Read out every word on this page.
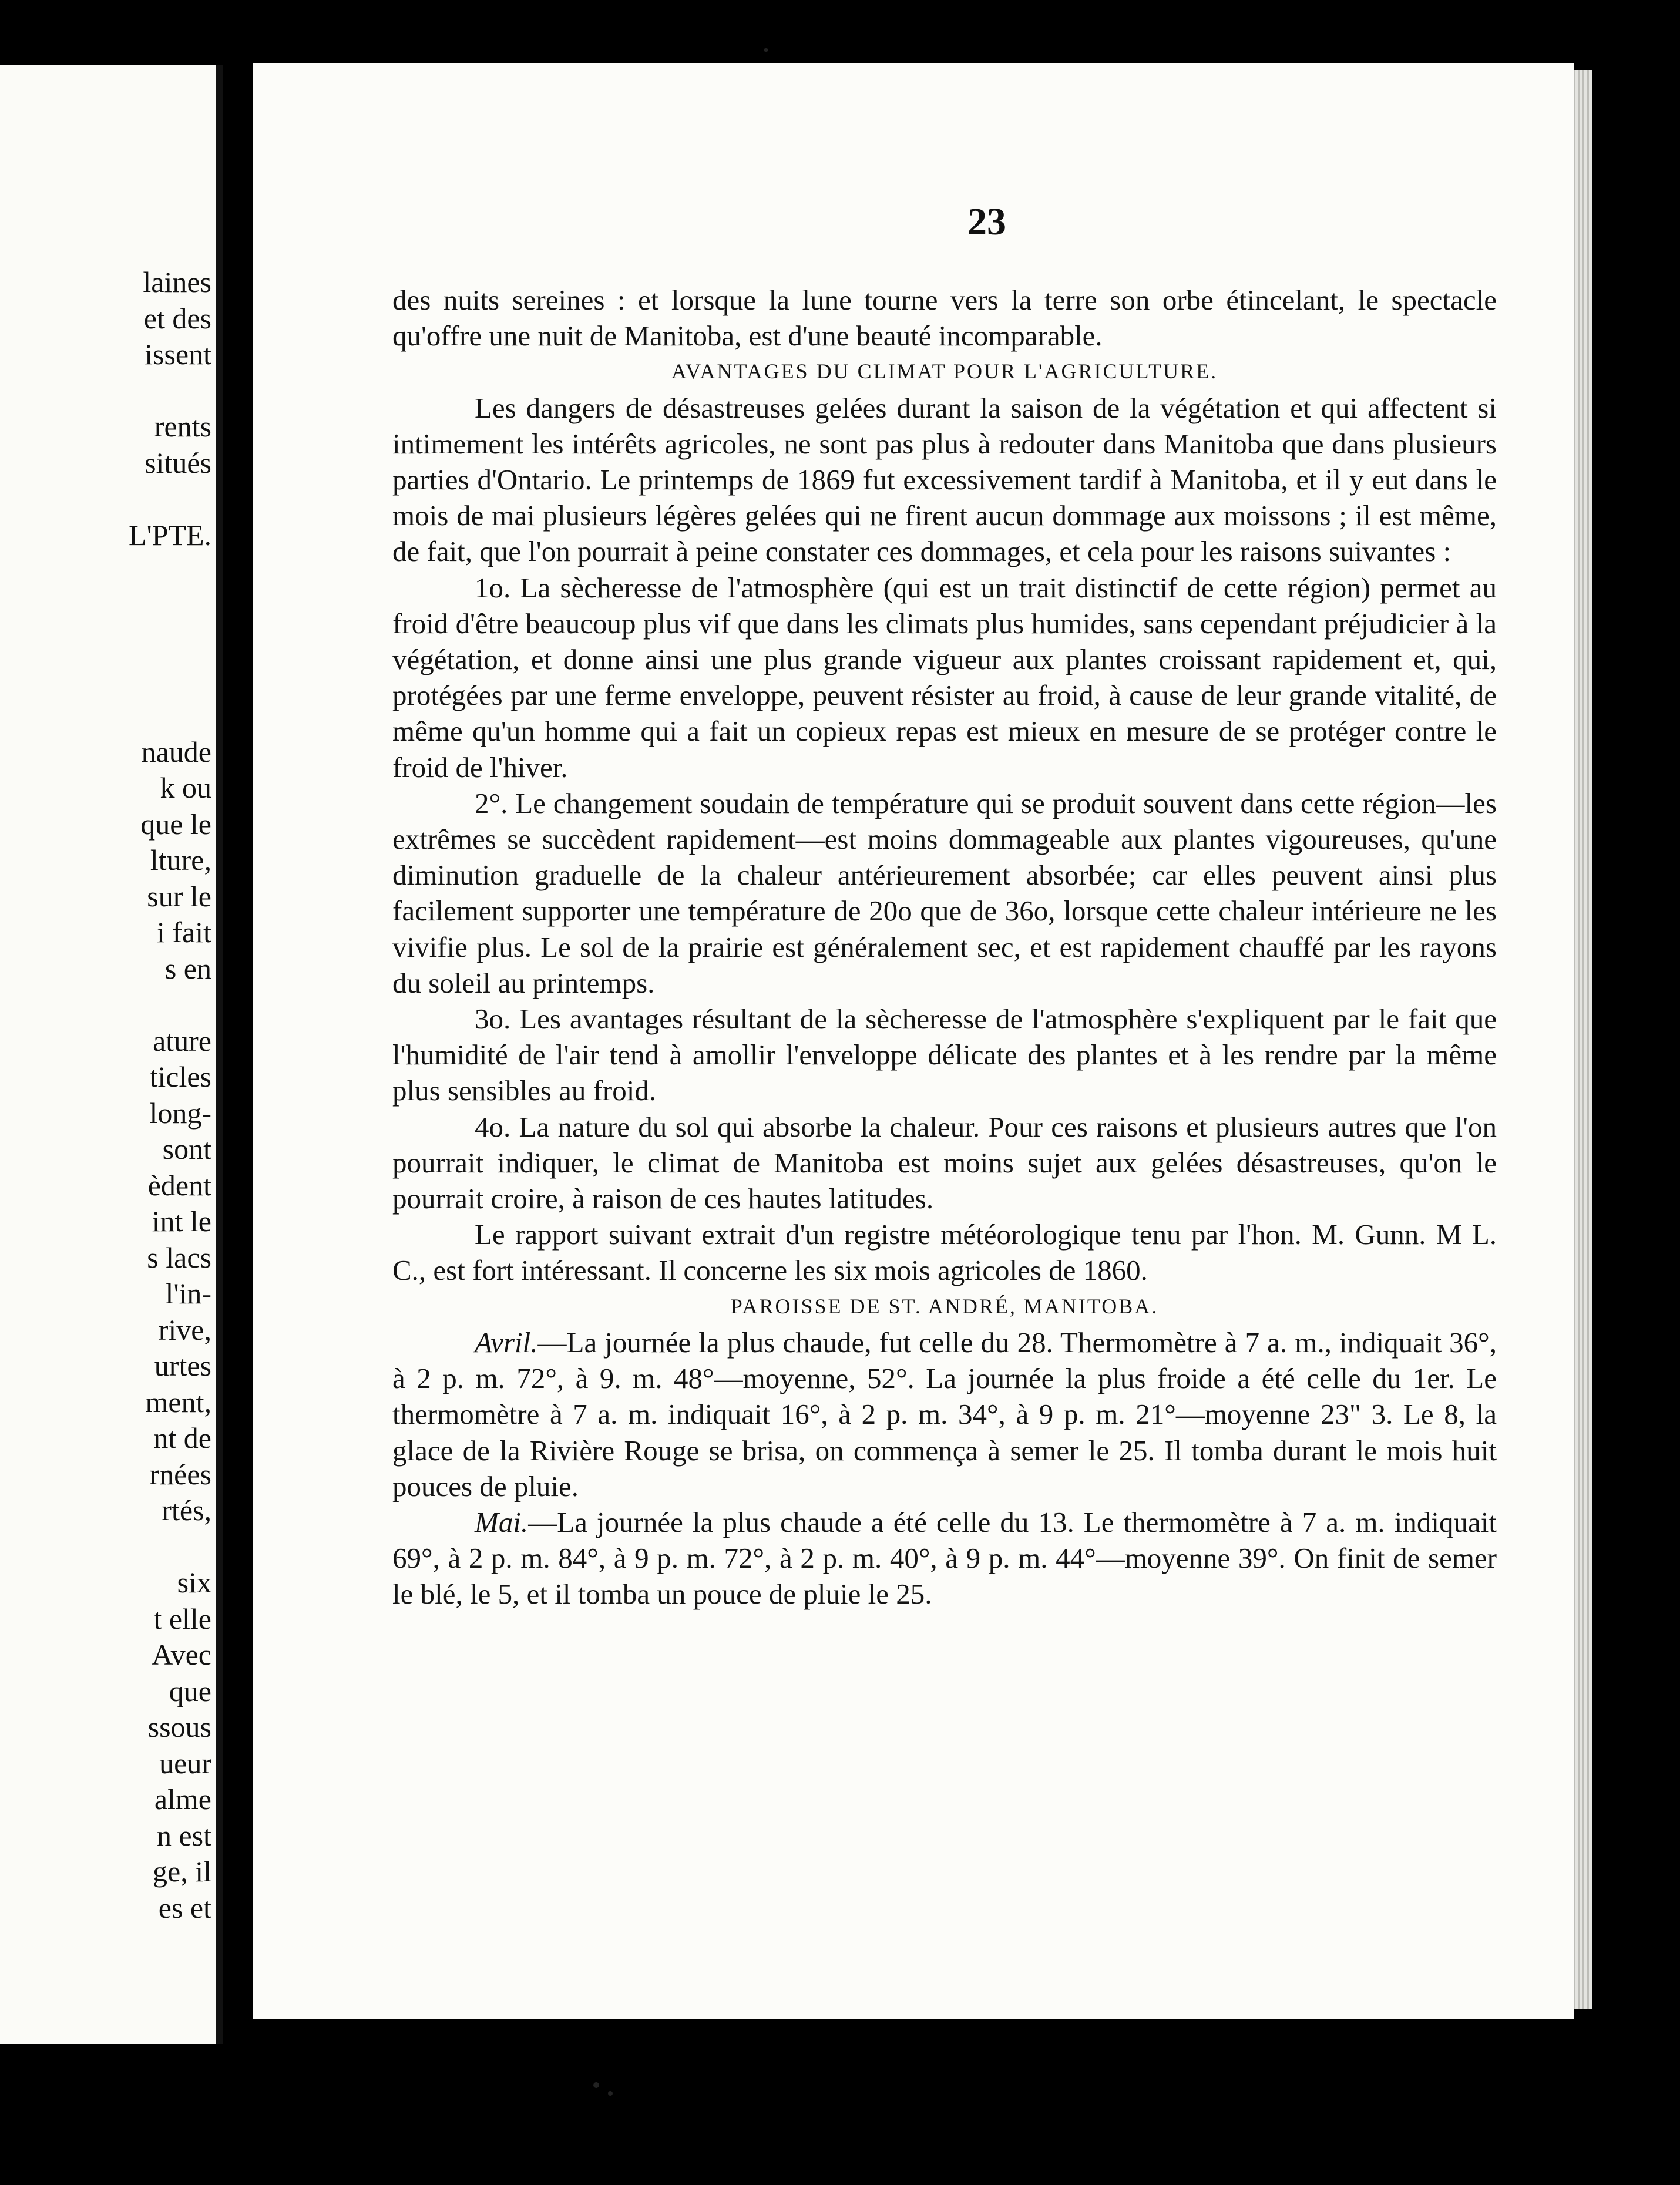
laines
et des
issent
rents
situés
L'PTE.
naude
k ou
que le
lture,
sur le
i fait
s en
ature
ticles
long-
sont
èdent
int le
s lacs
l'in-
rive,
urtes
ment,
nt de
rnées
rtés,
six
t elle
Avec
que
ssous
ueur
alme
n est
ge, il
es et
23

des nuits sereines : et lorsque la lune tourne vers la terre son orbe étincelant, le spectacle qu'offre une nuit de Manitoba, est d'une beauté incomparable.

AVANTAGES DU CLIMAT POUR L'AGRICULTURE.

Les dangers de désastreuses gelées durant la saison de la végétation et qui affectent si intimement les intérêts agricoles, ne sont pas plus à redouter dans Manitoba que dans plusieurs parties d'Ontario. Le printemps de 1869 fut excessivement tardif à Manitoba, et il y eut dans le mois de mai plusieurs légères gelées qui ne firent aucun dommage aux moissons ; il est même, de fait, que l'on pourrait à peine constater ces dommages, et cela pour les raisons suivantes :

1o. La sècheresse de l'atmosphère (qui est un trait distinctif de cette région) permet au froid d'être beaucoup plus vif que dans les climats plus humides, sans cependant préjudicier à la végétation, et donne ainsi une plus grande vigueur aux plantes croissant rapidement et, qui, protégées par une ferme enveloppe, peuvent résister au froid, à cause de leur grande vitalité, de même qu'un homme qui a fait un copieux repas est mieux en mesure de se protéger contre le froid de l'hiver.

2°. Le changement soudain de température qui se produit souvent dans cette région—les extrêmes se succèdent rapidement—est moins dommageable aux plantes vigoureuses, qu'une diminution graduelle de la chaleur antérieurement absorbée; car elles peuvent ainsi plus facilement supporter une température de 20o que de 36o, lorsque cette chaleur intérieure ne les vivifie plus. Le sol de la prairie est généralement sec, et est rapidement chauffé par les rayons du soleil au printemps.

3o. Les avantages résultant de la sècheresse de l'atmosphère s'expliquent par le fait que l'humidité de l'air tend à amollir l'enveloppe délicate des plantes et à les rendre par la même plus sensibles au froid.

4o. La nature du sol qui absorbe la chaleur. Pour ces raisons et plusieurs autres que l'on pourrait indiquer, le climat de Manitoba est moins sujet aux gelées désastreuses, qu'on le pourrait croire, à raison de ces hautes latitudes.

Le rapport suivant extrait d'un registre météorologique tenu par l'hon. M. Gunn. M L. C., est fort intéressant. Il concerne les six mois agricoles de 1860.

PAROISSE DE ST. ANDRÉ, MANITOBA.

Avril.—La journée la plus chaude, fut celle du 28. Thermomètre à 7 a. m., indiquait 36°, à 2 p. m. 72°, à 9. m. 48°—moyenne, 52°. La journée la plus froide a été celle du 1er. Le thermomètre à 7 a. m. indiquait 16°, à 2 p. m. 34°, à 9 p. m. 21°—moyenne 23" 3. Le 8, la glace de la Rivière Rouge se brisa, on commença à semer le 25. Il tomba durant le mois huit pouces de pluie.

Mai.—La journée la plus chaude a été celle du 13. Le thermomètre à 7 a. m. indiquait 69°, à 2 p. m. 84°, à 9 p. m. 72°, à 2 p. m. 40°, à 9 p. m. 44°—moyenne 39°. On finit de semer le blé, le 5, et il tomba un pouce de pluie le 25.
